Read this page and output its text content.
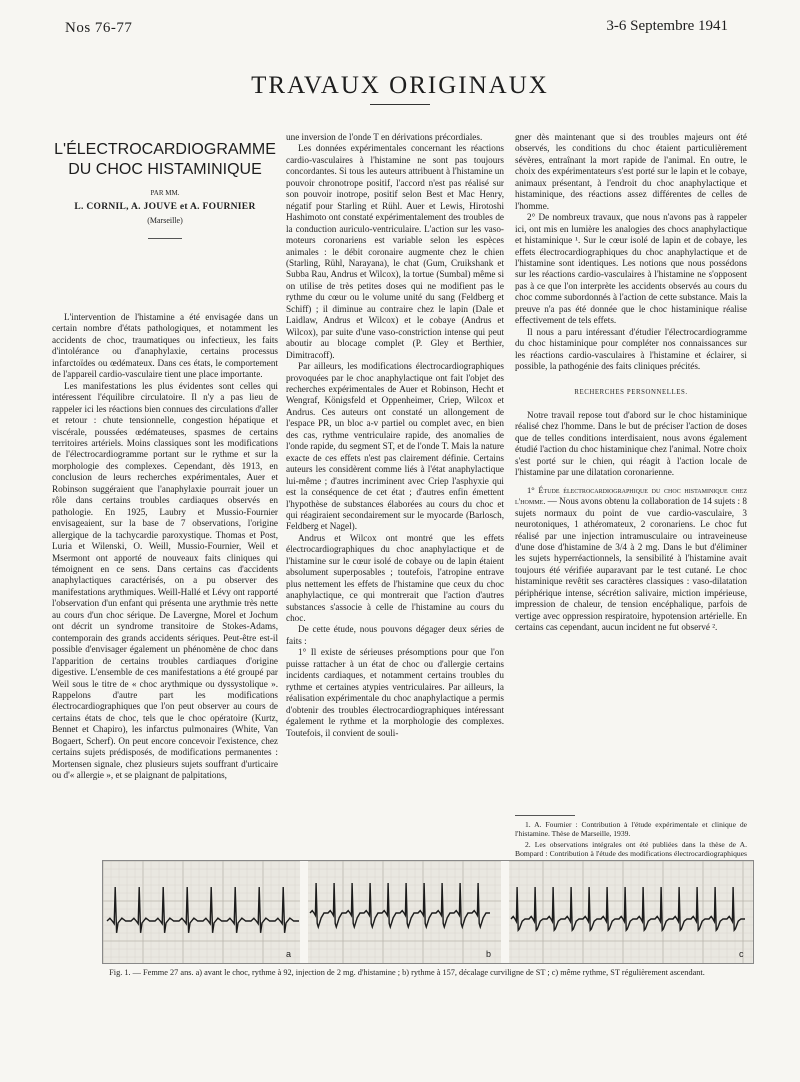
Nos 76-77	3-6 Septembre 1941
TRAVAUX ORIGINAUX
L'ÉLECTROCARDIOGRAMME
DU CHOC HISTAMINIQUE
PAR MM.
L. CORNIL, A. JOUVE et A. FOURNIER
(Marseille)

L'intervention de l'histamine a été envisagée dans un certain nombre d'états pathologiques, et notamment les accidents de choc, traumatiques ou infectieux, les faits d'intolérance ou d'anaphylaxie, certains processus infarctoïdes ou œdémateux. Dans ces états, le comportement de l'appareil cardio-vasculaire tient une place importante.

Les manifestations les plus évidentes sont celles qui intéressent l'équilibre circulatoire. Il n'y a pas lieu de rappeler ici les réactions bien connues des circulations d'aller et retour : chute tensionnelle, congestion hépatique et viscérale, poussées œdémateuses, spasmes de certains territoires artériels. Moins classiques sont les modifications de l'électrocardiogramme portant sur le rythme et sur la morphologie des complexes. Cependant, dès 1913, en conclusion de leurs recherches expérimentales, Auer et Robinson suggéraient que l'anaphylaxie pourrait jouer un rôle dans certains troubles cardiaques observés en pathologie. En 1925, Laubry et Mussio-Fournier envisageaient, sur la base de 7 observations, l'origine allergique de la tachycardie paroxystique. Thomas et Post, Luria et Wilenski, O. Weill, Mussio-Fournier, Weil et Msermont ont apporté de nouveaux faits cliniques qui témoignent en ce sens. Dans certains cas d'accidents anaphylactiques caractérisés, on a pu observer des manifestations arythmiques. Weill-Hallé et Lévy ont rapporté l'observation d'un enfant qui présenta une arythmie très nette au cours d'un choc sérique. De Lavergne, Morel et Jochum ont décrit un syndrome transitoire de Stokes-Adams, contemporain des grands accidents sériques. Peut-être est-il possible d'envisager également un phénomène de choc dans l'apparition de certains troubles cardiaques d'origine digestive. L'ensemble de ces manifestations a été groupé par Weil sous le titre de « choc arythmique ou dyssystolique ». Rappelons d'autre part les modifications électrocardiographiques que l'on peut observer au cours de certains états de choc, tels que le choc opératoire (Kurtz, Bennet et Chapiro), les infarctus pulmonaires (White, Van Bogaert, Scherf). On peut encore concevoir l'existence, chez certains sujets prédisposés, de modifications permanentes : Mortensen signale, chez plusieurs sujets souffrant d'urticaire ou d'« allergie », et se plaignant de palpitations,

une inversion de l'onde T en dérivations précordiales.

Les données expérimentales concernant les réactions cardio-vasculaires à l'histamine ne sont pas toujours concordantes. Si tous les auteurs attribuent à l'histamine un pouvoir chronotrope positif, l'accord n'est pas réalisé sur son pouvoir inotrope, positif selon Best et Mac Henry, négatif pour Starling et Rühl. Auer et Lewis, Hirotoshi Hashimoto ont constaté expérimentalement des troubles de la conduction auriculo-ventriculaire. L'action sur les vaso-moteurs coronariens est variable selon les espèces animales : le débit coronaire augmente chez le chien (Starling, Rühl, Narayana), le chat (Gum, Cruikshank et Subba Rau, Andrus et Wilcox), la tortue (Sumbal) même si on utilise de très petites doses qui ne modifient pas le rythme du cœur ou le volume unité du sang (Feldberg et Schiff) ; il diminue au contraire chez le lapin (Dale et Laidlaw, Andrus et Wilcox) et le cobaye (Andrus et Wilcox), par suite d'une vaso-constriction intense qui peut aboutir au blocage complet (P. Gley et Berthier, Dimitracoff).

Par ailleurs, les modifications électrocardiographiques provoquées par le choc anaphylactique ont fait l'objet des recherches expérimentales de Auer et Robinson, Hecht et Wengraf, Königsfeld et Oppenheimer, Criep, Wilcox et Andrus. Ces auteurs ont constaté un allongement de l'espace PR, un bloc a-v partiel ou complet avec, en bien des cas, rythme ventriculaire rapide, des anomalies de l'onde rapide, du segment ST, et de l'onde T. Mais la nature exacte de ces effets n'est pas clairement définie. Certains auteurs les considèrent comme liés à l'état anaphylactique lui-même ; d'autres incriminent avec Criep l'asphyxie qui est la conséquence de cet état ; d'autres enfin émettent l'hypothèse de substances élaborées au cours du choc et qui réagiraient secondairement sur le myocarde (Barlosch, Feldberg et Nagel).

Andrus et Wilcox ont montré que les effets électrocardiographiques du choc anaphylactique et de l'histamine sur le cœur isolé de cobaye ou de lapin étaient absolument superposables ; toutefois, l'atropine entrave plus nettement les effets de l'histamine que ceux du choc anaphylactique, ce qui montrerait que l'action d'autres substances s'associe à celle de l'histamine au cours du choc.

De cette étude, nous pouvons dégager deux séries de faits :

1° Il existe de sérieuses présomptions pour que l'on puisse rattacher à un état de choc ou d'allergie certains incidents cardiaques, et notamment certains troubles du rythme et certaines atypies ventriculaires. Par ailleurs, la réalisation expérimentale du choc anaphylactique a permis d'obtenir des troubles électrocardiographiques intéressant également le rythme et la morphologie des complexes. Toutefois, il convient de souli-

gner dès maintenant que si des troubles majeurs ont été observés, les conditions du choc étaient particulièrement sévères, entraînant la mort rapide de l'animal. En outre, le choix des expérimentateurs s'est porté sur le lapin et le cobaye, animaux présentant, à l'endroit du choc anaphylactique et histaminique, des réactions assez différentes de celles de l'homme.

2° De nombreux travaux, que nous n'avons pas à rappeler ici, ont mis en lumière les analogies des chocs anaphylactique et histaminique ¹. Sur le cœur isolé de lapin et de cobaye, les effets électrocardiographiques du choc anaphylactique et de l'histamine sont identiques. Les notions que nous possédons sur les réactions cardio-vasculaires à l'histamine ne s'opposent pas à ce que l'on interprète les accidents observés au cours du choc comme subordonnés à l'action de cette substance. Mais la preuve n'a pas été donnée que le choc histaminique réalise effectivement de tels effets.

Il nous a paru intéressant d'étudier l'électrocardiogramme du choc histaminique pour compléter nos connaissances sur les réactions cardio-vasculaires à l'histamine et éclairer, si possible, la pathogénie des faits cliniques précités.

RECHERCHES PERSONNELLES.

Notre travail repose tout d'abord sur le choc histaminique réalisé chez l'homme. Dans le but de préciser l'action de doses que de telles conditions interdisaient, nous avons également étudié l'action du choc histaminique chez l'animal. Notre choix s'est porté sur le chien, qui réagit à l'action locale de l'histamine par une dilatation coronarienne.

1° Étude électrocardiographique du choc histaminique chez l'homme. — Nous avons obtenu la collaboration de 14 sujets : 8 sujets normaux du point de vue cardio-vasculaire, 3 neurotoniques, 1 athéromateux, 2 coronariens. Le choc fut réalisé par une injection intramusculaire ou intraveineuse d'une dose d'histamine de 3/4 à 2 mg. Dans le but d'éliminer les sujets hyperréactionnels, la sensibilité à l'histamine avait toujours été vérifiée auparavant par le test cutané. Le choc histaminique revêtit ses caractères classiques : vaso-dilatation périphérique intense, sécrétion salivaire, miction impérieuse, impression de chaleur, de tension encéphalique, parfois de vertige avec oppression respiratoire, hypotension artérielle. En certains cas cependant, aucun incident ne fut observé ².

1. A. Fournier : Contribution à l'étude expérimentale et clinique de l'histamine. Thèse de Marseille, 1939.

2. Les observations intégrales ont été publiées dans la thèse de A. Bompard : Contribution à l'étude des modifications électrocardiographiques sous l'influence de l'histamine (Marseille, 1940).

a	b	c
Fig. 1. — Femme 27 ans. a) avant le choc, rythme à 92, injection de 2 mg. d'histamine ; b) rythme à 157, décalage curviligne de ST ; c) même rythme, ST régulièrement ascendant.
